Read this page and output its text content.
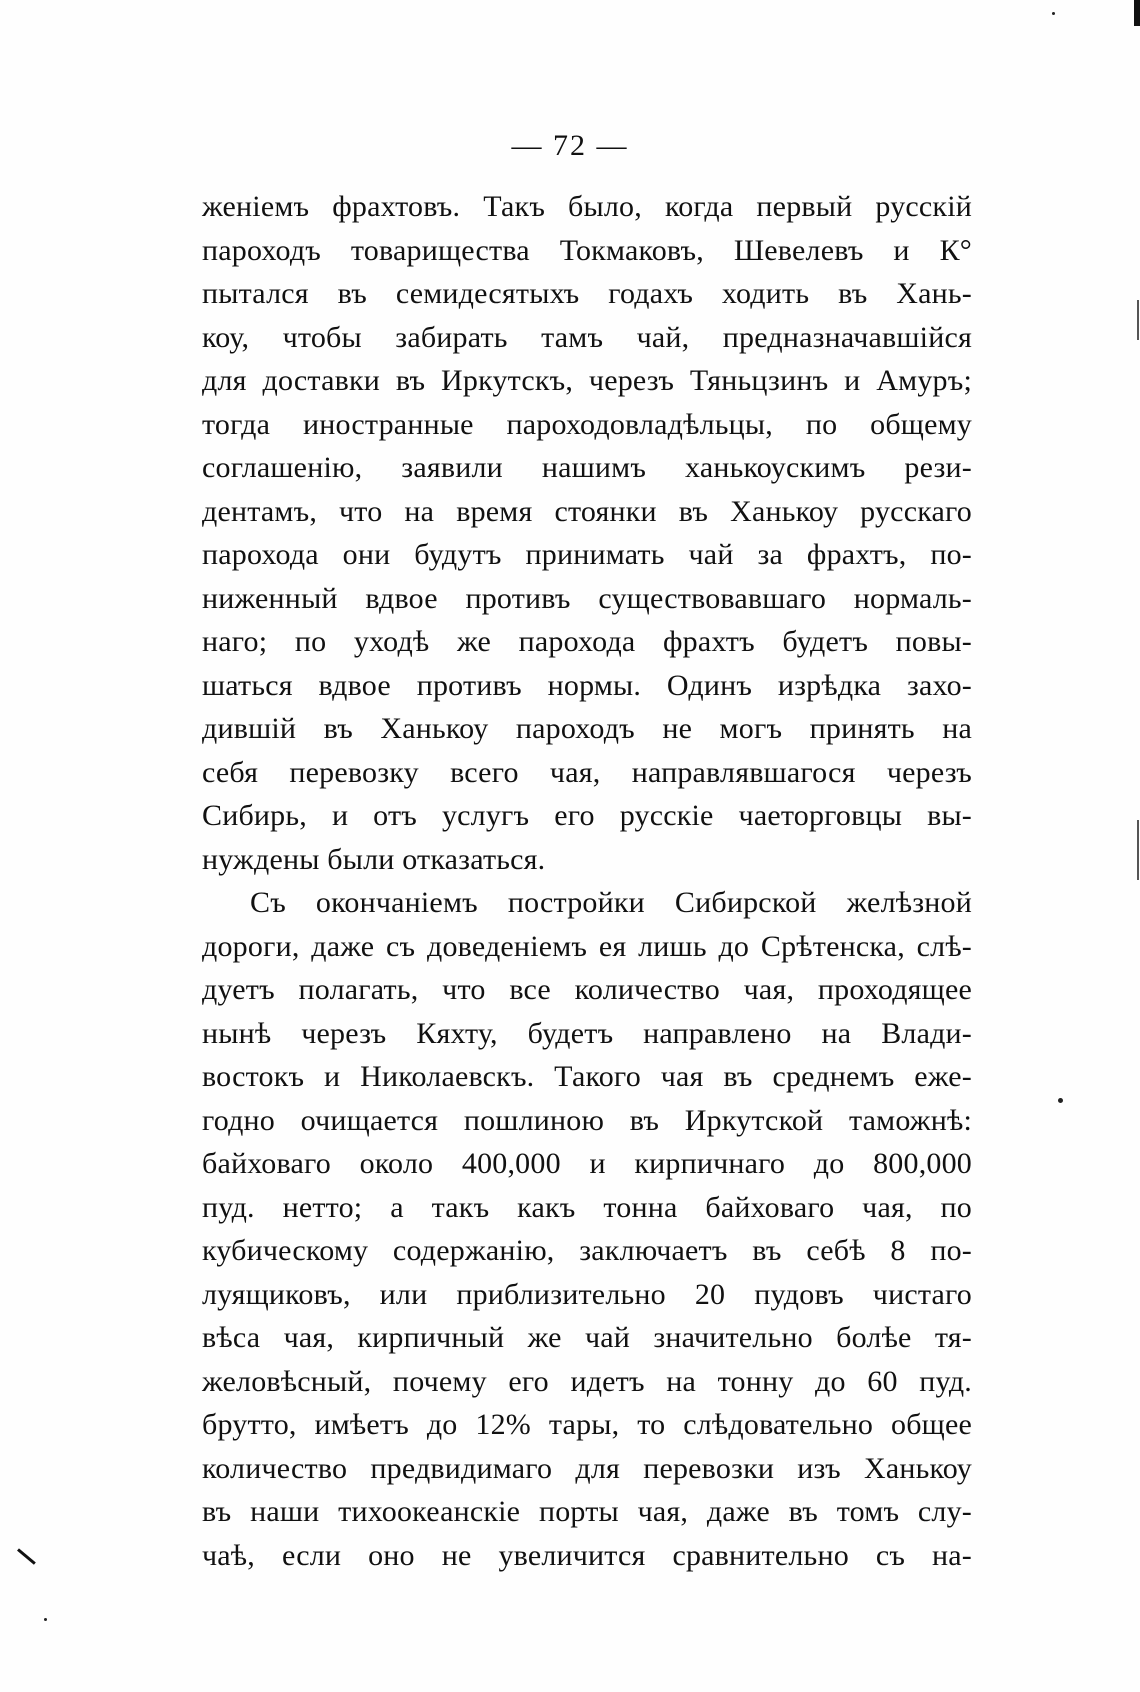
— 72 —
женіемъ фрахтовъ. Такъ было, когда первый русскій
пароходъ товарищества Токмаковъ, Шевелевъ и К°
пытался въ семидесятыхъ годахъ ходить въ Хань-
коу, чтобы забирать тамъ чай, предназначавшійся
для доставки въ Иркутскъ, черезъ Тяньцзинъ и Амуръ;
тогда иностранные пароходовладѣльцы, по общему
соглашенію, заявили нашимъ ханькоускимъ рези-
дентамъ, что на время стоянки въ Ханькоу русскаго
парохода они будутъ принимать чай за фрахтъ, по-
ниженный вдвое противъ существовавшаго нормаль-
наго; по уходѣ же парохода фрахтъ будетъ повы-
шаться вдвое противъ нормы. Одинъ изрѣдка захо-
дившій въ Ханькоу пароходъ не могъ принять на
себя перевозку всего чая, направлявшагося черезъ
Сибирь, и отъ услугъ его русскіе чаеторговцы вы-
нуждены были отказаться.
Съ окончаніемъ постройки Сибирской желѣзной
дороги, даже съ доведеніемъ ея лишь до Срѣтенска, слѣ-
дуетъ полагать, что все количество чая, проходящее
нынѣ черезъ Кяхту, будетъ направлено на Влади-
востокъ и Николаевскъ. Такого чая въ среднемъ еже-
годно очищается пошлиною въ Иркутской таможнѣ:
байховаго около 400,000 и кирпичнаго до 800,000
пуд. нетто; а такъ какъ тонна байховаго чая, по
кубическому содержанію, заключаетъ въ себѣ 8 по-
луящиковъ, или приблизительно 20 пудовъ чистаго
вѣса чая, кирпичный же чай значительно болѣе тя-
желовѣсный, почему его идетъ на тонну до 60 пуд.
брутто, имѣетъ до 12% тары, то слѣдовательно общее
количество предвидимаго для перевозки изъ Ханькоу
въ наши тихоокеанскіе порты чая, даже въ томъ слу-
чаѣ, если оно не увеличится сравнительно съ на-
